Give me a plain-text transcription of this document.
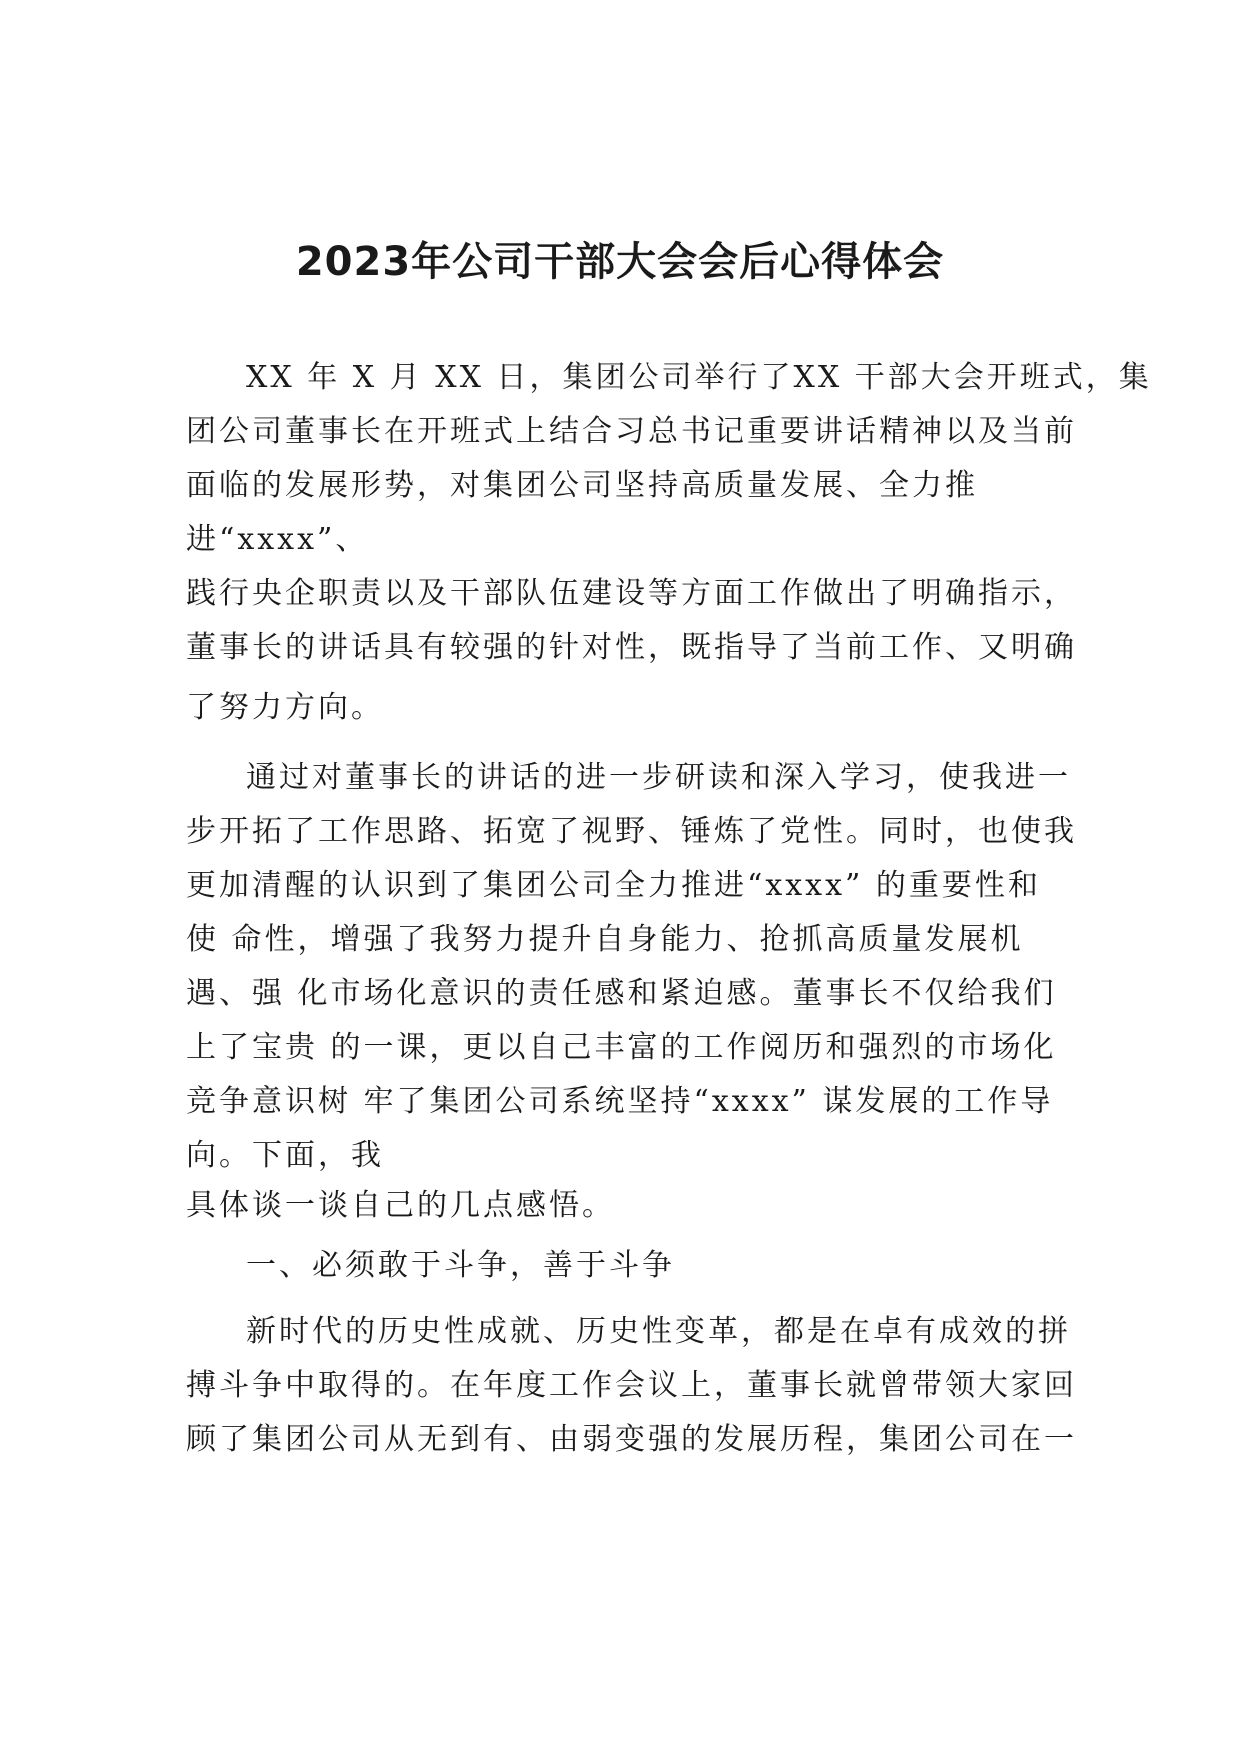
2023年公司干部大会会后心得体会
XX 年 X 月 XX 日，集团公司举行了XX 干部大会开班式，集
团公司董事长在开班式上结合习总书记重要讲话精神以及当前
面临的发展形势，对集团公司坚持高质量发展、全力推
进“xxxx”、
践行央企职责以及干部队伍建设等方面工作做出了明确指示，
董事长的讲话具有较强的针对性，既指导了当前工作、又明确
了努力方向。
通过对董事长的讲话的进一步研读和深入学习，使我进一
步开拓了工作思路、拓宽了视野、锤炼了党性。同时，也使我
更加清醒的认识到了集团公司全力推进“xxxx” 的重要性和
使 命性，增强了我努力提升自身能力、抢抓高质量发展机
遇、强 化市场化意识的责任感和紧迫感。董事长不仅给我们
上了宝贵 的一课，更以自己丰富的工作阅历和强烈的市场化
竞争意识树 牢了集团公司系统坚持“xxxx” 谋发展的工作导
向。下面，我
具体谈一谈自己的几点感悟。
一、必须敢于斗争，善于斗争
新时代的历史性成就、历史性变革，都是在卓有成效的拼
搏斗争中取得的。在年度工作会议上，董事长就曾带领大家回
顾了集团公司从无到有、由弱变强的发展历程，集团公司在一
